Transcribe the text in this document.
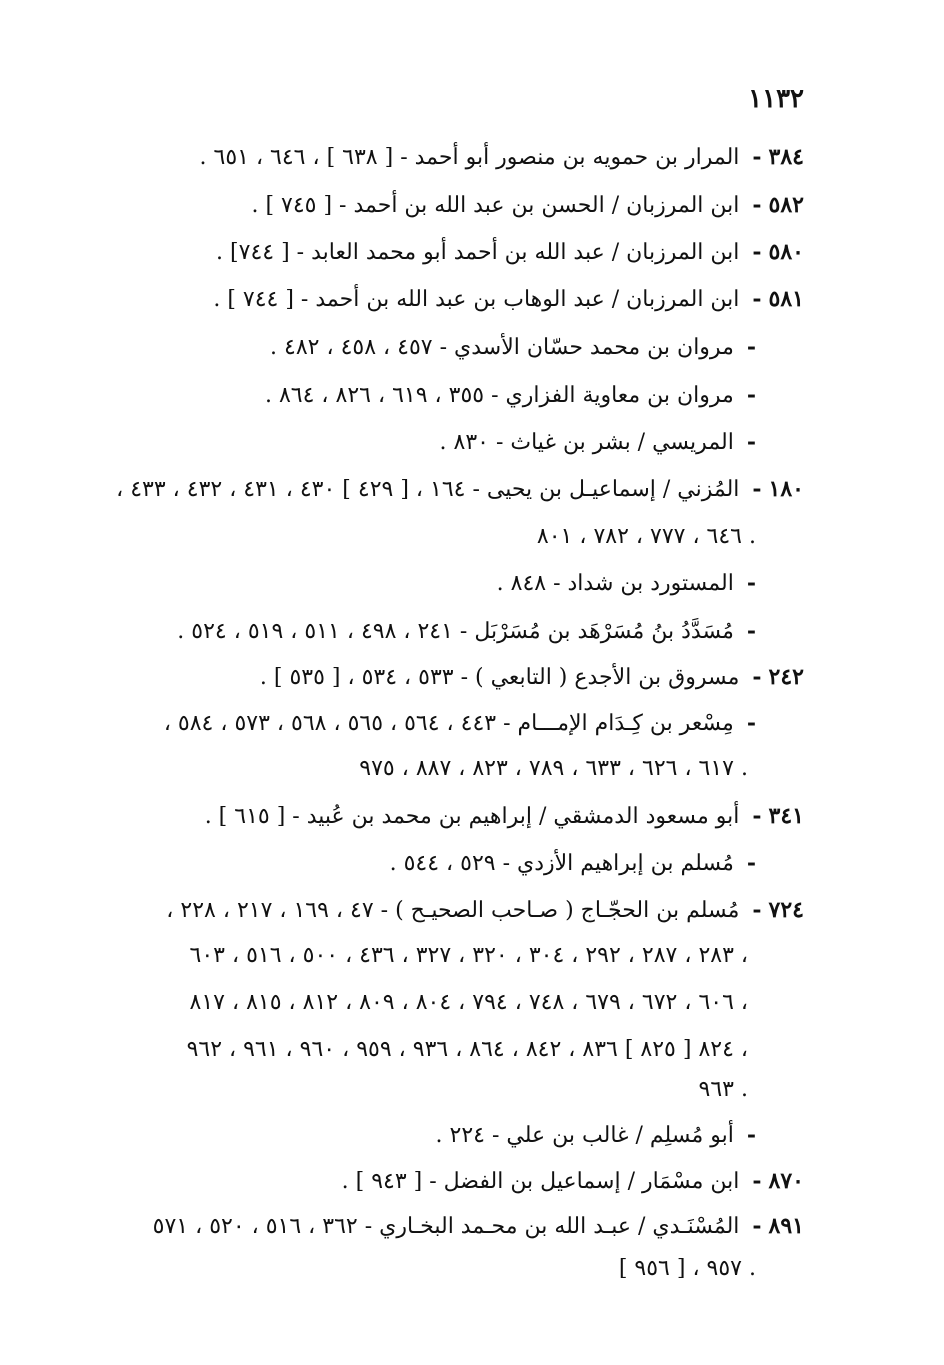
١١٣٢
٣٨٤ - المرار بن حمويه بن منصور أبو أحمد - [ ٦٣٨ ] ، ٦٤٦ ، ٦٥١ .
٥٨٢ - ابن المرزبان / الحسن بن عبد الله بن أحمد - [ ٧٤٥ ] .
٥٨٠ - ابن المرزبان / عبد الله بن أحمد أبو محمد العابد - [ ٧٤٤] .
٥٨١ - ابن المرزبان / عبد الوهاب بن عبد الله بن أحمد - [ ٧٤٤ ] .
- مروان بن محمد حسّان الأسدي - ٤٥٧ ، ٤٥٨ ، ٤٨٢ .
- مروان بن معاوية الفزاري - ٣٥٥ ، ٦١٩ ، ٨٢٦ ، ٨٦٤ .
- المريسي / بشر بن غياث - ٨٣٠ .
١٨٠ - المُزني / إسماعيـل بن يحيى - ١٦٤ ، [ ٤٢٩ ] ٤٣٠ ، ٤٣١ ، ٤٣٢ ، ٤٣٣ ،
٦٤٦ ، ٧٧٧ ، ٧٨٢ ، ٨٠١ .
- المستورد بن شداد - ٨٤٨ .
- مُسَدَّدُ بنُ مُسَرْهَد بن مُسَرْبَل - ٢٤١ ، ٤٩٨ ، ٥١١ ، ٥١٩ ، ٥٢٤ .
٢٤٢ - مسروق بن الأجدع ( التابعي ) - ٥٣٣ ، ٥٣٤ ، [ ٥٣٥ ] .
- مِسْعر بن كِـدَام الإمـــام - ٤٤٣ ، ٥٦٤ ، ٥٦٥ ، ٥٦٨ ، ٥٧٣ ، ٥٨٤ ،
٦١٧ ، ٦٢٦ ، ٦٣٣ ، ٧٨٩ ، ٨٢٣ ، ٨٨٧ ، ٩٧٥ .
٣٤١ - أبو مسعود الدمشقي / إبراهيم بن محمد بن عُبيد - [ ٦١٥ ] .
- مُسلم بن إبراهيم الأزدي - ٥٢٩ ، ٥٤٤ .
٧٢٤ - مُسلم بن الحجّـاج ( صـاحب الصحيـح ) - ٤٧ ، ١٦٩ ، ٢١٧ ، ٢٢٨ ،
٢٨٣ ، ٢٨٧ ، ٢٩٢ ، ٣٠٤ ، ٣٢٠ ، ٣٢٧ ، ٤٣٦ ، ٥٠٠ ، ٥١٦ ، ٦٠٣ ،
٦٠٦ ، ٦٧٢ ، ٦٧٩ ، ٧٤٨ ، ٧٩٤ ، ٨٠٤ ، ٨٠٩ ، ٨١٢ ، ٨١٥ ، ٨١٧ ،
٨٢٤ [ ٨٢٥ ] ٨٣٦ ، ٨٤٢ ، ٨٦٤ ، ٩٣٦ ، ٩٥٩ ، ٩٦٠ ، ٩٦١ ، ٩٦٢ ،
٩٦٣ .
- أبو مُسلِم / غالب بن علي - ٢٢٤ .
٨٧٠ - ابن مسْمَار / إسماعيل بن الفضل - [ ٩٤٣ ] .
٨٩١ - المُسْنَـدي / عبـد الله بن محـمد البخـاري - ٣٦٢ ، ٥١٦ ، ٥٢٠ ، ٥٧١
[ ٩٥٦ ] ، ٩٥٧ .
